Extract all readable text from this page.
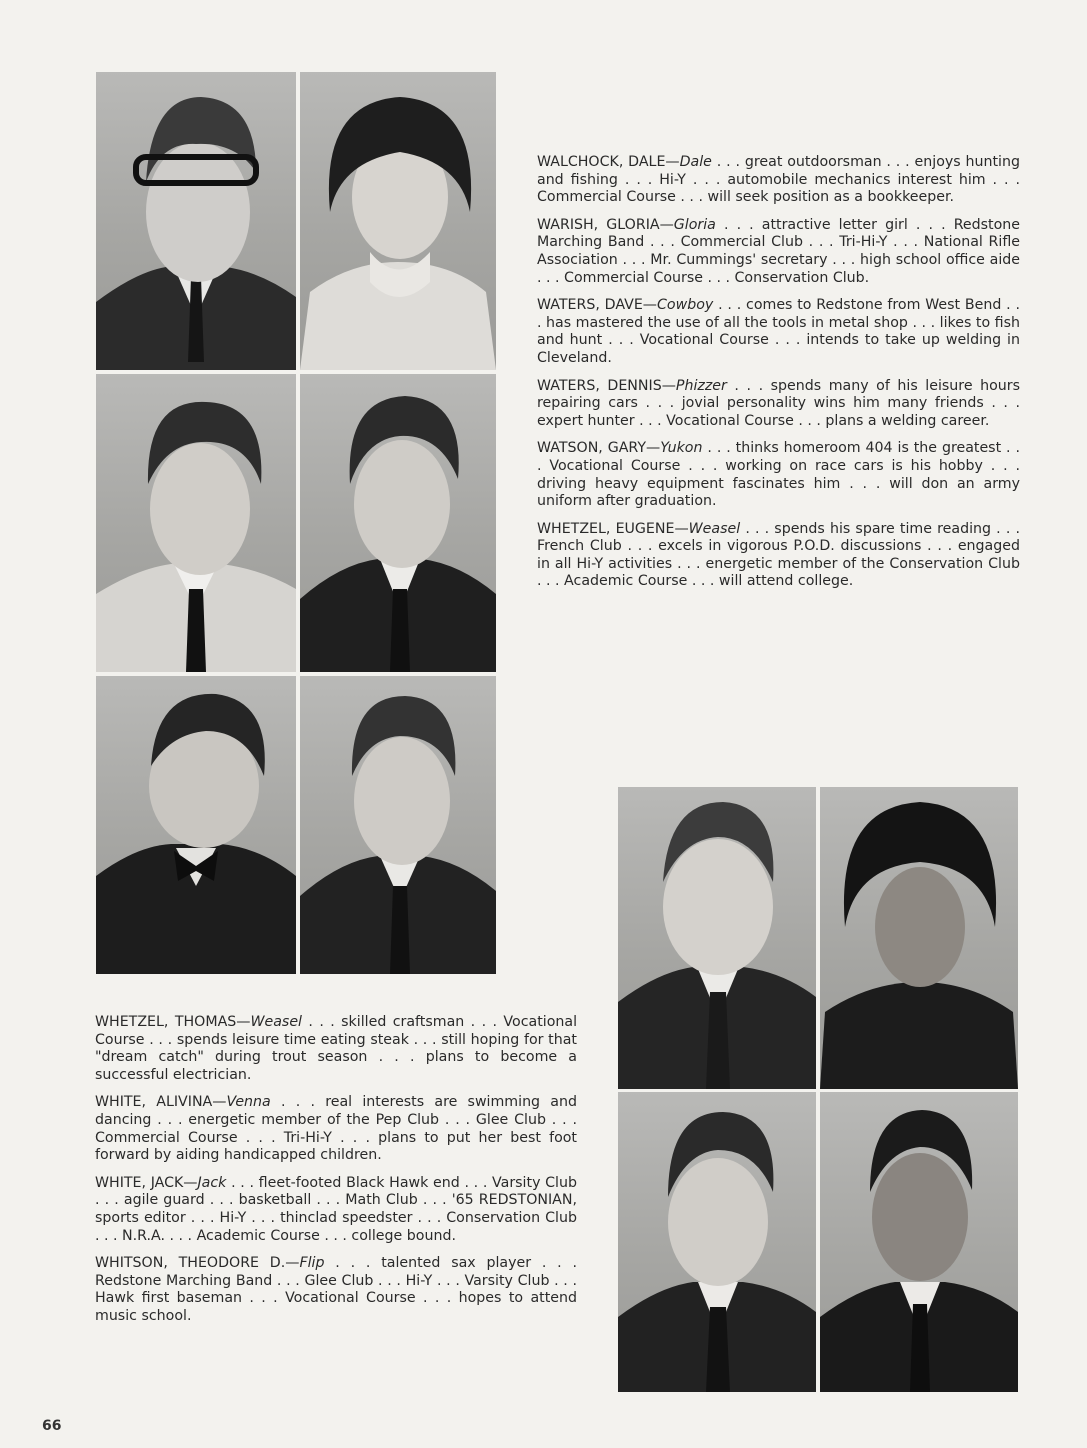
WALCHOCK, DALE—Dale . . . great outdoorsman . . . enjoys hunting and fishing . . . Hi-Y . . . automobile mechanics interest him . . . Commercial Course . . . will seek position as a bookkeeper.

WARISH, GLORIA—Gloria . . . attractive letter girl . . . Redstone Marching Band . . . Commercial Club . . . Tri-Hi-Y . . . National Rifle Association . . . Mr. Cummings' secretary . . . high school office aide . . . Commercial Course . . . Conservation Club.

WATERS, DAVE—Cowboy . . . comes to Redstone from West Bend . . . has mastered the use of all the tools in metal shop . . . likes to fish and hunt . . . Vocational Course . . . intends to take up welding in Cleveland.

WATERS, DENNIS—Phizzer . . . spends many of his leisure hours repairing cars . . . jovial personality wins him many friends . . . expert hunter . . . Vocational Course . . . plans a welding career.

WATSON, GARY—Yukon . . . thinks homeroom 404 is the greatest . . . Vocational Course . . . working on race cars is his hobby . . . driving heavy equipment fascinates him . . . will don an army uniform after graduation.

WHETZEL, EUGENE—Weasel . . . spends his spare time reading . . . French Club . . . excels in vigorous P.O.D. discussions . . . engaged in all Hi-Y activities . . . energetic member of the Conservation Club . . . Academic Course . . . will attend college.

WHETZEL, THOMAS—Weasel . . . skilled craftsman . . . Vocational Course . . . spends leisure time eating steak . . . still hoping for that "dream catch" during trout season . . . plans to become a successful electrician.

WHITE, ALIVINA—Venna . . . real interests are swimming and dancing . . . energetic member of the Pep Club . . . Glee Club . . . Commercial Course . . . Tri-Hi-Y . . . plans to put her best foot forward by aiding handicapped children.

WHITE, JACK—Jack . . . fleet-footed Black Hawk end . . . Varsity Club . . . agile guard . . . basketball . . . Math Club . . . '65 REDSTONIAN, sports editor . . . Hi-Y . . . thinclad speedster . . . Conservation Club . . . N.R.A. . . . Academic Course . . . college bound.

WHITSON, THEODORE D.—Flip . . . talented sax player . . . Redstone Marching Band . . . Glee Club . . . Hi-Y . . . Varsity Club . . . Hawk first baseman . . . Vocational Course . . . hopes to attend music school.

66
